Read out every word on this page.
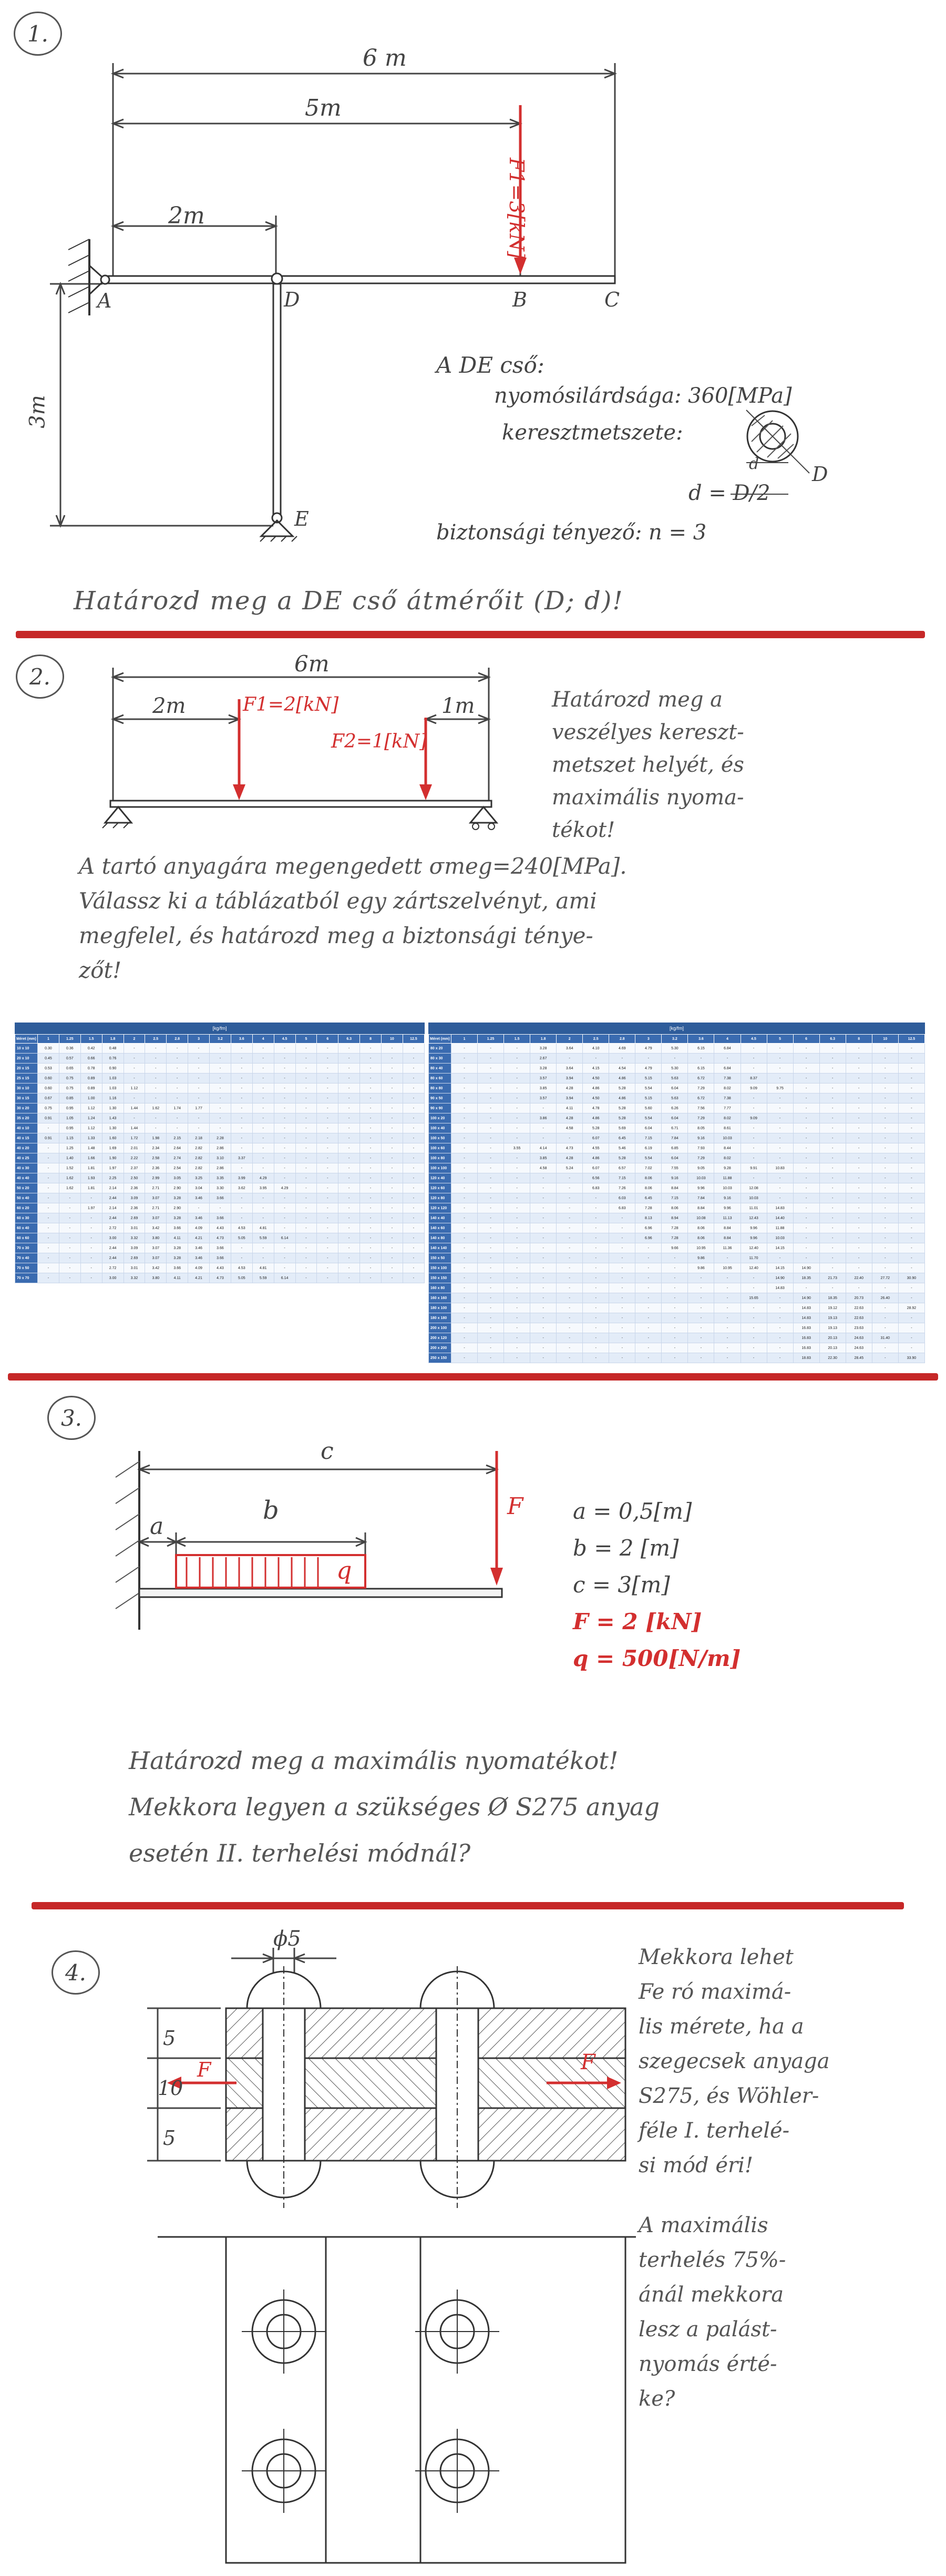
1.
6 m
5m
2m
3m
F1=3[kN]
A	D	B	C
E
A DE cső:
nyomósilárdsága: 360[MPa]
keresztmetszete:
d	D
d = D/2
biztonsági tényező: n = 3
Határozd meg a DE cső átmérőit (D; d)!
2.	6m
2m	1m
F1=2[kN]
F2=1[kN]
Határozd meg a
veszélyes kereszt-
metszet helyét, és
maximális nyoma-
tékot!
A tartó anyagára megengedett σmeg=240[MPa].
Válassz ki a táblázatból egy zártszelvényt, ami
megfelel, és határozd meg a biztonsági ténye-
zőt!
[kg/fm]
Méret (mm)	1	1.25	1.5	1.8	2	2.5	2.8	3	3.2	3.6	4	4.5	5	6	6.3	8	10	12.5
10 x 10	0.30	0.36	0.42	0.48	-	-	-	-	-	-	-	-	-	-	-	-	-	-
20 x 10	0.45	0.57	0.66	0.76	-	-	-	-	-	-	-	-	-	-	-	-	-	-
20 x 15	0.53	0.65	0.78	0.90	-	-	-	-	-	-	-	-	-	-	-	-	-	-
25 x 15	0.60	0.75	0.89	1.03	-	-	-	-	-	-	-	-	-	-	-	-	-	-
30 x 10	0.60	0.75	0.89	1.03	1.12	-	-	-	-	-	-	-	-	-	-	-	-	-
30 x 15	0.67	0.85	1.00	1.16	-	-	-	-	-	-	-	-	-	-	-	-	-	-
30 x 20	0.75	0.95	1.12	1.30	1.44	1.62	1.74	1.77	-	-	-	-	-	-	-	-	-	-
35 x 20	0.91	1.05	1.24	1.43	-	-	-	-	-	-	-	-	-	-	-	-	-	-
40 x 10	-	0.95	1.12	1.30	1.44	-	-	-	-	-	-	-	-	-	-	-	-	-
40 x 15	0.91	1.15	1.33	1.60	1.72	1.98	2.15	2.18	2.28	-	-	-	-	-	-	-	-	-
40 x 20	-	1.25	1.48	1.69	2.01	2.34	2.64	2.82	2.86	-	-	-	-	-	-	-	-	-
40 x 25	-	1.40	1.66	1.90	2.22	2.58	2.74	2.82	3.10	3.37	-	-	-	-	-	-	-	-
40 x 30	-	1.52	1.81	1.97	2.37	2.36	2.54	2.82	2.86	-	-	-	-	-	-	-	-	-
40 x 40	-	1.62	1.93	2.25	2.50	2.99	3.05	3.25	3.35	3.99	4.29	-	-	-	-	-	-	-
50 x 20	-	1.62	1.81	2.14	2.36	2.71	2.90	3.04	3.30	3.62	3.95	4.29	-	-	-	-	-	-
50 x 40	-	-	-	2.44	3.09	3.07	3.28	3.46	3.66	-	-	-	-	-	-	-	-	-
60 x 20	-	-	1.97	2.14	2.36	2.71	2.90	-	-	-	-	-	-	-	-	-	-	-
60 x 30	-	-	-	2.44	2.69	3.07	3.28	3.46	3.66	-	-	-	-	-	-	-	-	-
60 x 40	-	-	-	2.72	3.01	3.42	3.66	4.09	4.43	4.53	4.81	-	-	-	-	-	-	-
60 x 60	-	-	-	3.00	3.32	3.80	4.11	4.21	4.73	5.05	5.59	6.14	-	-	-	-	-	-
70 x 30	-	-	-	2.44	3.09	3.07	3.28	3.46	3.66	-	-	-	-	-	-	-	-	-
70 x 40	-	-	-	2.44	2.69	3.07	3.28	3.46	3.66	-	-	-	-	-	-	-	-	-
70 x 50	-	-	-	2.72	3.01	3.42	3.66	4.09	4.43	4.53	4.81	-	-	-	-	-	-	-
70 x 70	-	-	-	3.00	3.32	3.80	4.11	4.21	4.73	5.05	5.59	6.14	-	-	-	-	-	-
[kg/fm]
Méret (mm)	1	1.25	1.5	1.8	2	2.5	2.8	3	3.2	3.6	4	4.5	5	6	6.3	8	10	12.5
80 x 20	-	-	-	3.28	3.64	4.10	4.69	4.79	5.30	6.15	6.84	-	-	-	-	-	-	-
80 x 30	-	-	-	2.67	-	-	-	-	-	-	-	-	-	-	-	-	-	-
80 x 40	-	-	-	3.28	3.64	4.15	4.54	4.79	5.30	6.15	6.84	-	-	-	-	-	-	-
80 x 60	-	-	-	3.57	3.94	4.50	4.86	5.15	5.63	6.72	7.38	8.37	-	-	-	-	-	-
80 x 80	-	-	-	3.85	4.28	4.86	5.28	5.54	6.04	7.29	8.02	9.09	9.75	-	-	-	-	-
90 x 50	-	-	-	3.57	3.94	4.50	4.86	5.15	5.63	6.72	7.38	-	-	-	-	-	-	-
90 x 90	-	-	-	-	4.11	4.78	5.28	5.60	6.26	7.56	7.77	-	-	-	-	-	-	-
100 x 20	-	-	-	3.86	4.28	4.86	5.28	5.54	6.04	7.29	8.02	9.09	-	-	-	-	-	-
100 x 40	-	-	-	-	4.58	5.28	5.69	6.04	6.71	8.05	8.61	-	-	-	-	-	-	-
100 x 50	-	-	-	-	-	6.07	6.45	7.15	7.84	9.16	10.03	-	-	-	-	-	-	-
100 x 60	-	-	3.55	4.14	4.73	4.55	5.46	6.19	6.85	7.93	8.44	-	-	-	-	-	-	-
100 x 80	-	-	-	3.85	4.28	4.86	5.28	5.54	6.04	7.29	8.02	-	-	-	-	-	-	-
100 x 100	-	-	-	4.58	5.24	6.07	6.57	7.02	7.55	9.05	9.28	9.91	10.83	-	-	-	-	-
120 x 40	-	-	-	-	-	6.56	7.15	8.06	9.16	10.03	11.88	-	-	-	-	-	-	-
120 x 60	-	-	-	-	-	6.83	7.26	8.06	8.84	9.96	10.03	12.08	-	-	-	-	-	-
120 x 80	-	-	-	-	-	-	6.03	6.45	7.15	7.84	9.16	10.03	-	-	-	-	-	-
120 x 120	-	-	-	-	-	-	6.83	7.28	8.06	8.84	9.96	11.01	14.83	-	-	-	-	-
140 x 40	-	-	-	-	-	-	-	8.13	8.94	10.08	11.13	12.43	14.40	-	-	-	-	-
140 x 60	-	-	-	-	-	-	-	6.96	7.28	8.06	8.84	9.96	11.88	-	-	-	-	-
140 x 80	-	-	-	-	-	-	-	6.96	7.28	8.06	8.84	9.96	10.03	-	-	-	-	-
140 x 140	-	-	-	-	-	-	-	-	9.66	10.95	11.36	12.40	14.15	-	-	-	-	-
150 x 50	-	-	-	-	-	-	-	-	-	9.86	-	11.70	-	-	-	-	-	-
150 x 100	-	-	-	-	-	-	-	-	-	9.86	10.95	12.40	14.15	14.90	-	-	-	-
150 x 150	-	-	-	-	-	-	-	-	-	-	-	-	14.90	18.35	21.73	22.40	27.72	30.90
160 x 80	-	-	-	-	-	-	-	-	-	-	-	-	14.83	-	-	-	-	-
160 x 160	-	-	-	-	-	-	-	-	-	-	-	15.65	-	14.90	18.35	20.73	26.40	-
180 x 100	-	-	-	-	-	-	-	-	-	-	-	-	-	14.83	19.12	22.63	-	28.92
180 x 180	-	-	-	-	-	-	-	-	-	-	-	-	-	14.83	19.13	22.63	-	-
200 x 100	-	-	-	-	-	-	-	-	-	-	-	-	-	16.83	19.13	23.63	-	-
200 x 120	-	-	-	-	-	-	-	-	-	-	-	-	-	16.83	20.13	24.63	31.40	-
200 x 200	-	-	-	-	-	-	-	-	-	-	-	-	-	16.83	20.13	24.63	-	-
250 x 150	-	-	-	-	-	-	-	-	-	-	-	-	-	18.83	22.30	28.45	-	33.90
3.
c
a
b
q
F a = 0,5[m]
b = 2 [m]
c = 3[m]
F = 2 [kN]
q = 500[N/m]
Határozd meg a maximális nyomatékot!
Mekkora legyen a szükséges Ø S275 anyag
esetén II. terhelési módnál?
4.
ϕ5
5
10
5
F	F
Mekkora lehet
Fe ró maximá-
lis mérete, ha a
szegecsek anyaga
S275, és Wöhler-
féle I. terhelé-
si mód éri!
A maximális
terhelés 75%-
ánál mekkora
lesz a palást-
nyomás érté-
ke?
